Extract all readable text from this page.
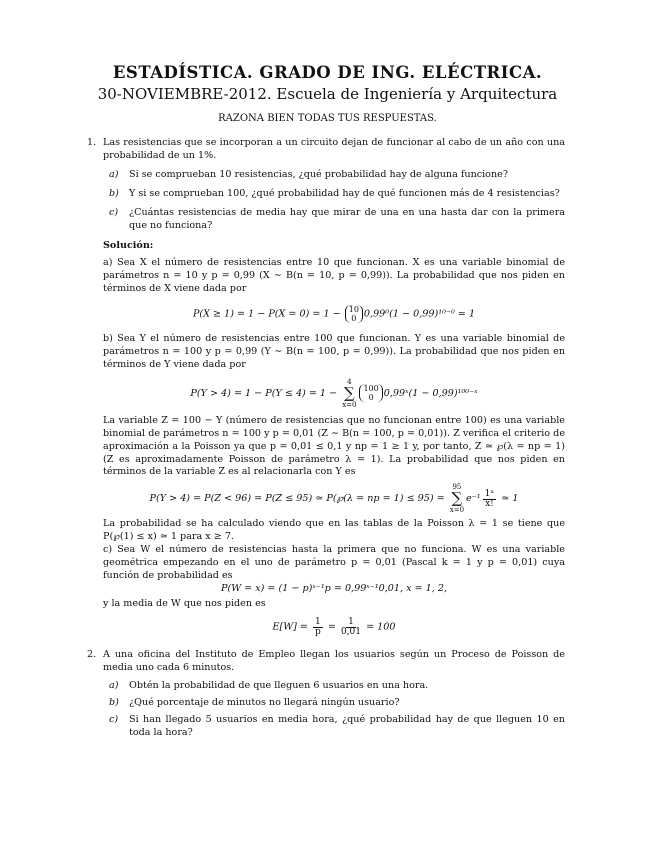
ESTADÍSTICA. GRADO DE ING. ELÉCTRICA.
30-NOVIEMBRE-2012. Escuela de Ingeniería y Arquitectura
RAZONA BIEN TODAS TUS RESPUESTAS.
1. Las resistencias que se incorporan a un circuito dejan de funcionar al cabo de un año con una probabilidad de un 1%.

a) Si se comprueban 10 resistencias, ¿qué probabilidad hay de alguna funcione?

b) Y si se comprueban 100, ¿qué probabilidad hay de qué funcionen más de 4 resistencias?

c) ¿Cuántas resistencias de media hay que mirar de una en una hasta dar con la primera que no funciona?

Solución:

a) Sea X el número de resistencias entre 10 que funcionan. X es una variable binomial de parámetros n = 10 y p = 0,99 (X ∼ B(n = 10, p = 0,99)). La probabilidad que nos piden en términos de X viene dada por

P(X ≥ 1) = 1 − P(X = 0) = 1 − 10
0 0,99⁰(1 − 0,99)¹⁰⁻⁰ ≃ 1

b) Sea Y el número de resistencias entre 100 que funcionan. Y es una variable binomial de parámetros n = 100 y p = 0,99 (Y ∼ B(n = 100, p = 0,99)). La probabilidad que nos piden en términos de Y viene dada por

P(Y > 4) = 1 − P(Y ≤ 4) = 1 − 4
∑
x=0100
0 0,99ˣ(1 − 0,99)¹⁰⁰⁻ˣ

La variable Z = 100 − Y (número de resistencias que no funcionan entre 100) es una variable binomial de parámetros n = 100 y p = 0,01 (Z ∼ B(n = 100, p = 0,01)). Z verifica el criterio de aproximación a la Poisson ya que p = 0,01 ≤ 0,1 y np = 1 ≥ 1 y, por tanto, Z ≃ ℘(λ = np = 1) (Z es aproximadamente Poisson de parámetro λ = 1). La probabilidad que nos piden en términos de la variable Z es al relacionarla con Y es

P(Y > 4) = P(Z < 96) = P(Z ≤ 95) ≃ P(℘(λ = np = 1) ≤ 95) = 95
∑
$x=0e^{-1} \frac{\text{1ˣ}}{x!}$ ≃ 1

La probabilidad se ha calculado viendo que en las tablas de la Poisson λ = 1 se tiene que P(℘(1) ≤ x) ≃ 1 para x ≥ 7.

c) Sea W el número de resistencias hasta la primera que no funciona. W es una variable geométrica empezando en el uno de parámetro p = 0,01 (Pascal k = 1 y p = 0,01) cuya función de probabilidad es

P(W = x) = (1 − p)ˣ⁻¹p = 0,99ˣ⁻¹0,01, x = 1, 2,

y la media de W que nos piden es

$E[W] = \frac{1}{p} = \frac{1}{0,01} = 100$
2. A una oficina del Instituto de Empleo llegan los usuarios según un Proceso de Poisson de media uno cada 6 minutos.

a) Obtén la probabilidad de que lleguen 6 usuarios en una hora.

b) ¿Qué porcentaje de minutos no llegará ningún usuario?

c) Si han llegado 5 usuarios en media hora, ¿qué probabilidad hay de que lleguen 10 en toda la hora?
